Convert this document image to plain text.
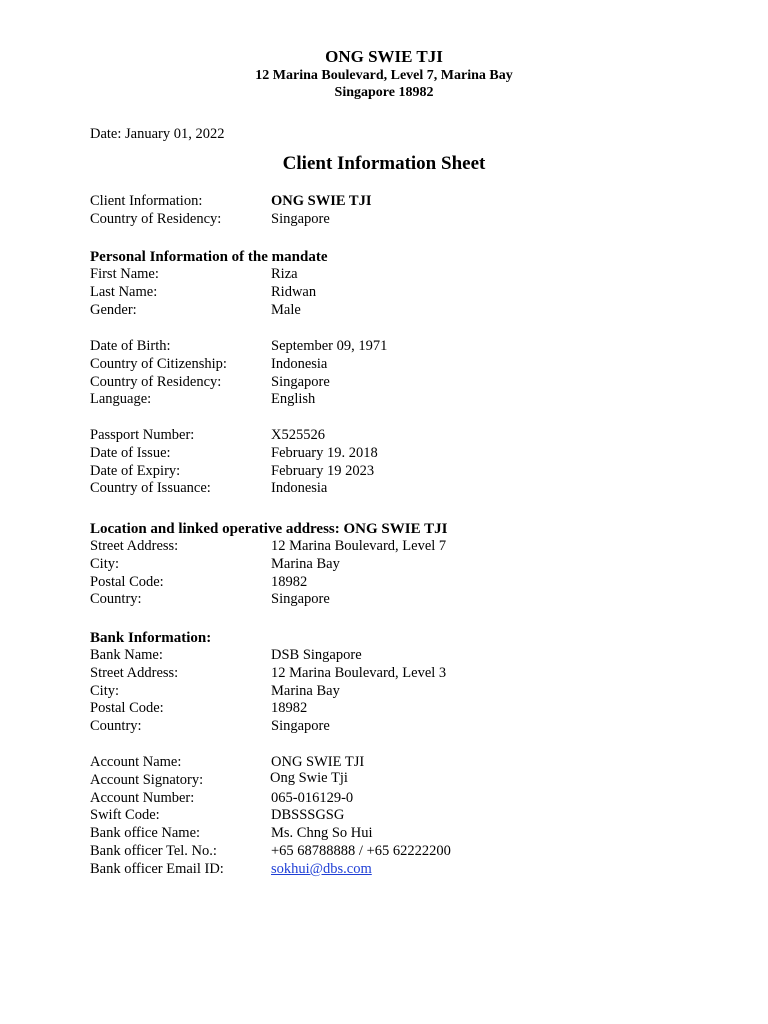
ONG SWIE TJI
12 Marina Boulevard, Level 7, Marina Bay
Singapore 18982
Date: January 01, 2022
Client Information Sheet
Client Information:	ONG SWIE TJI
Country of Residency:	Singapore
Personal Information of the mandate
First Name:	Riza
Last Name:	Ridwan
Gender:	Male
Date of Birth:	September 09, 1971
Country of Citizenship:	Indonesia
Country of Residency:	Singapore
Language:	English
Passport Number:	X525526
Date of Issue:	February 19. 2018
Date of Expiry:	February 19 2023
Country of Issuance:	Indonesia
Location and linked operative address: ONG SWIE TJI
Street Address:	12 Marina Boulevard, Level 7
City:	Marina Bay
Postal Code:	18982
Country:	Singapore
Bank Information:
Bank Name:	DSB Singapore
Street Address:	12 Marina Boulevard, Level 3
City:	Marina Bay
Postal Code:	18982
Country:	Singapore
Account Name:	ONG SWIE TJI
Account Signatory:	Ong Swie Tji
Account Number:	065-016129-0
Swift Code:	DBSSSGSG
Bank office Name:	Ms. Chng So Hui
Bank officer Tel. No.:	+65 68788888 / +65 62222200
Bank officer Email ID:	sokhui@dbs.com
